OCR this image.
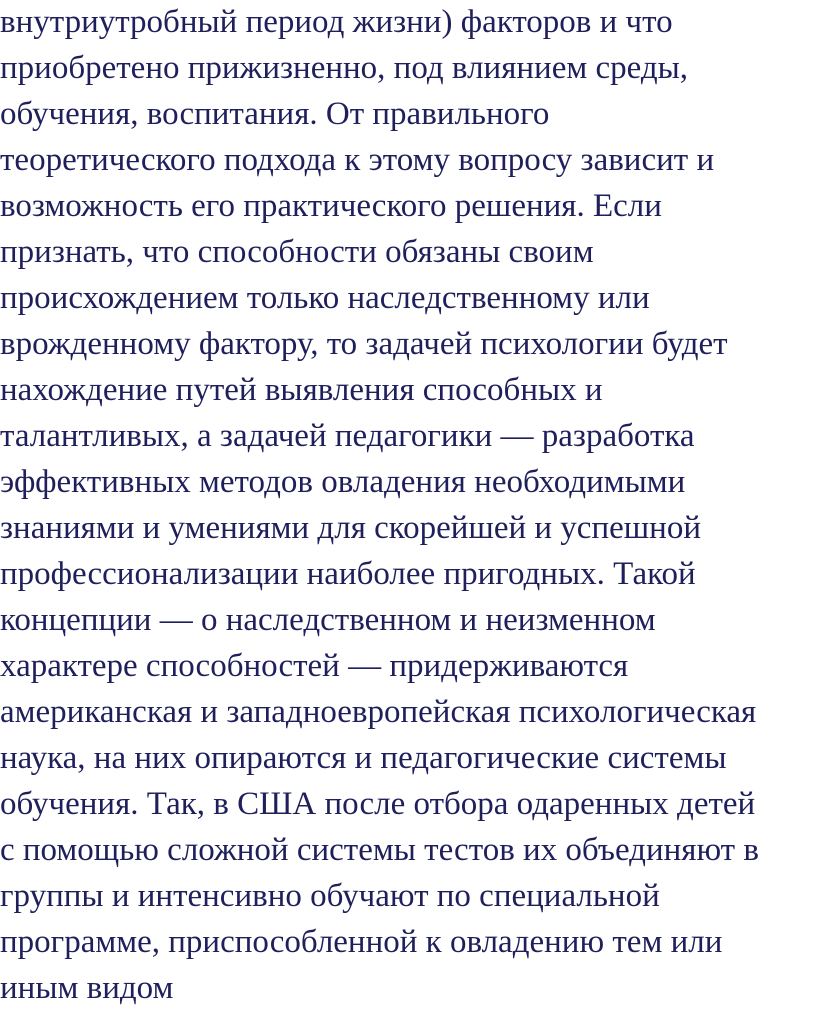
внутриутробный период жизни) факторов и что
приобретено прижизненно, под влиянием среды,
обучения, воспитания. От правильного
теоретического подхода к этому вопросу зависит и
возможность его практического решения. Если
признать, что способности обязаны своим
происхождением только наследственному или
врожденному фактору, то задачей психологии будет
нахождение путей выявления способных и
талантливых, а задачей педагогики — разработка
эффективных методов овладения необходимыми
знаниями и умениями для скорейшей и успешной
профессионализации наиболее пригодных. Такой
концепции — о наследственном и неизменном
характере способностей — придерживаются
американская и западноевропейская психологическая
наука, на них опираются и педагогические системы
обучения. Так, в США после отбора одаренных детей
с помощью сложной системы тестов их объединяют в
группы и интенсивно обучают по специальной
программе, приспособленной к овладению тем или
иным видом
